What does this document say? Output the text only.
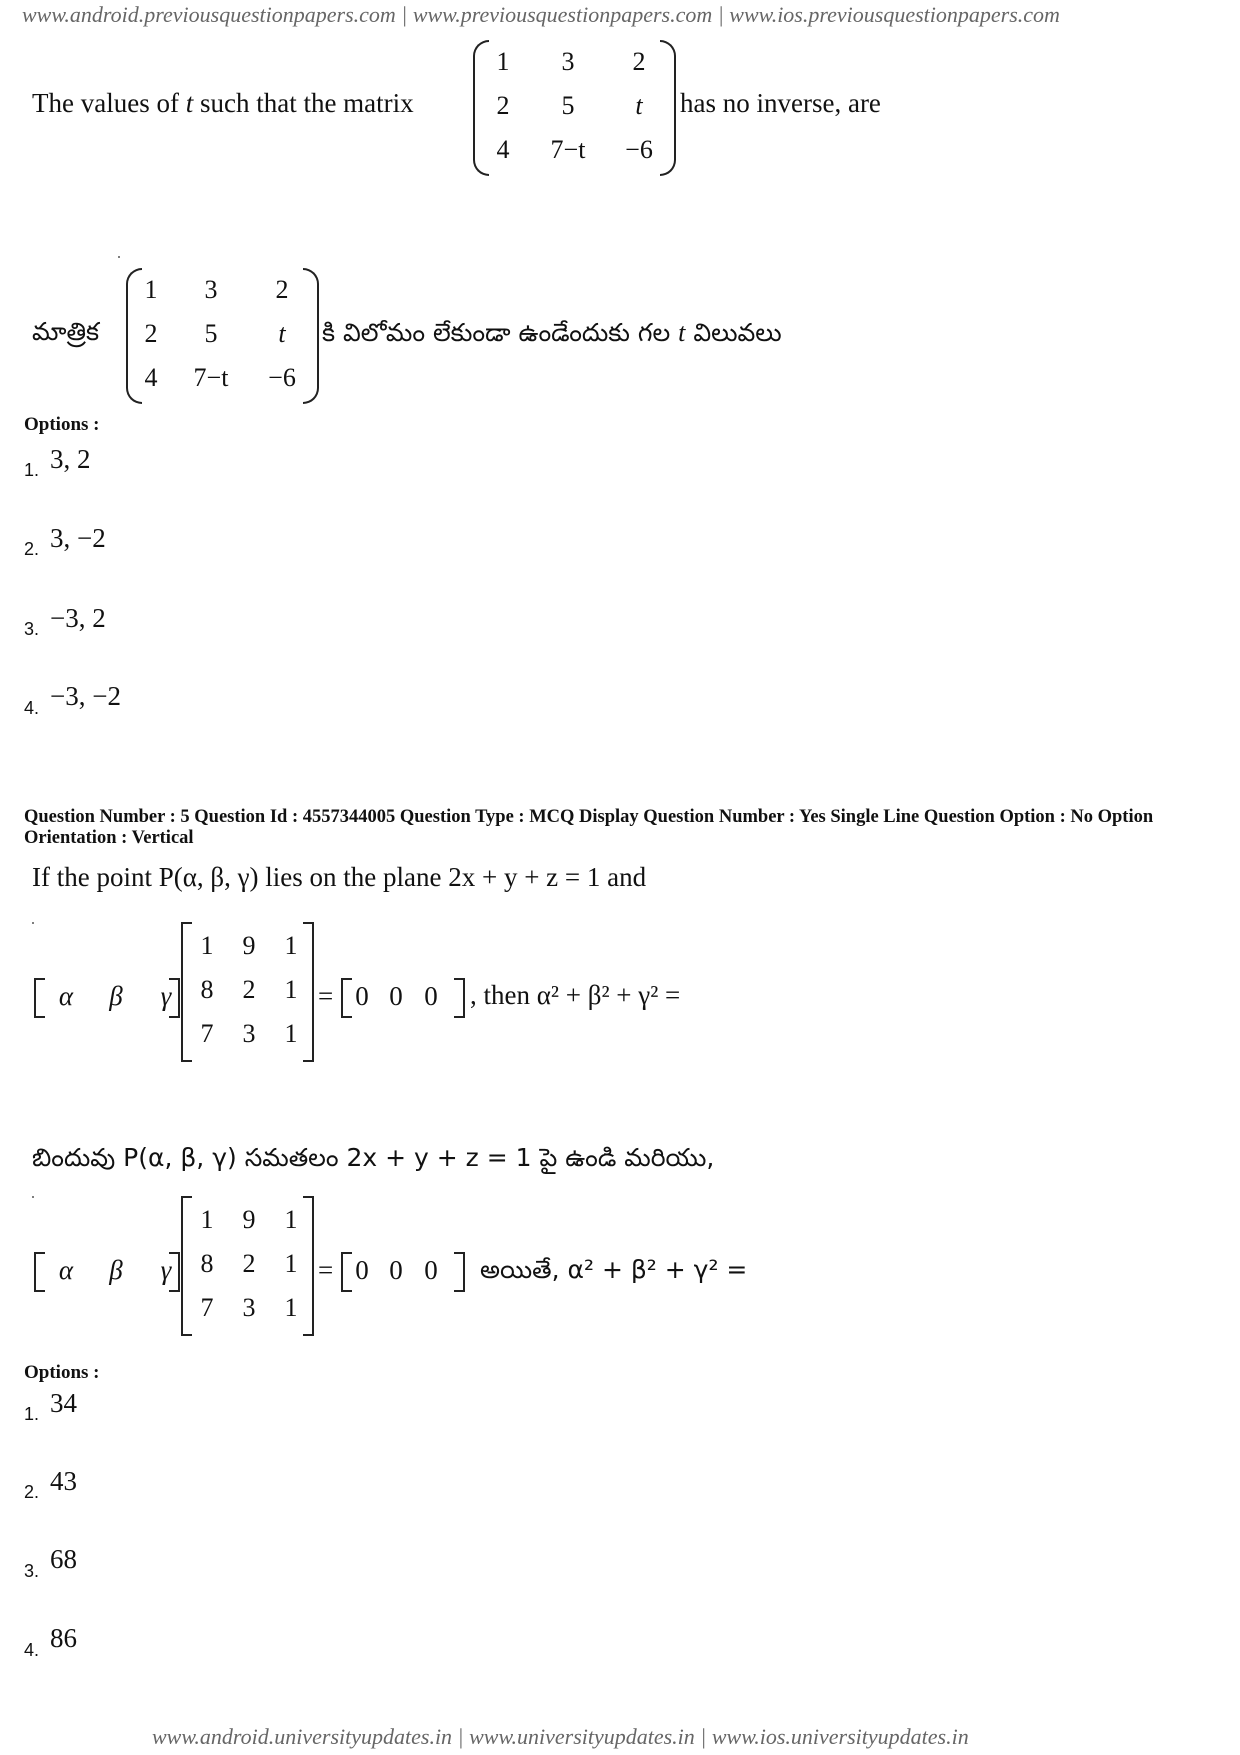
www.android.previousquestionpapers.com | www.previousquestionpapers.com | www.ios.previousquestionpapers.com
The values of t such that the matrix
1	3	2
2	5	t
4	7−t	−6
has no inverse, are
మాత్రిక
1	3	2
2	5	t
4	7−t	−6
కి విలోమం లేకుండా ఉండేందుకు గల t విలువలు
Options :
1. 3, 2
2. 3, −2
3. −3, 2
4. −3, −2
Question Number : 5 Question Id : 4557344005 Question Type : MCQ Display Question Number : Yes Single Line Question Option : No Option Orientation : Vertical
If the point P(α, β, γ) lies on the plane 2x + y + z = 1 and
α	β	γ
1	9	1
8	2	1
7	3	1
= 0 0 0	, then α² + β² + γ² =
బిందువు P(α, β, γ) సమతలం 2x + y + z = 1 పై ఉండి మరియు,
α	β	γ
1	9	1
8	2	1
7	3	1
= 0 0 0	అయితే, α² + β² + γ² =
Options :
1. 34
2. 43
3. 68
4. 86
www.android.universityupdates.in | www.universityupdates.in | www.ios.universityupdates.in
